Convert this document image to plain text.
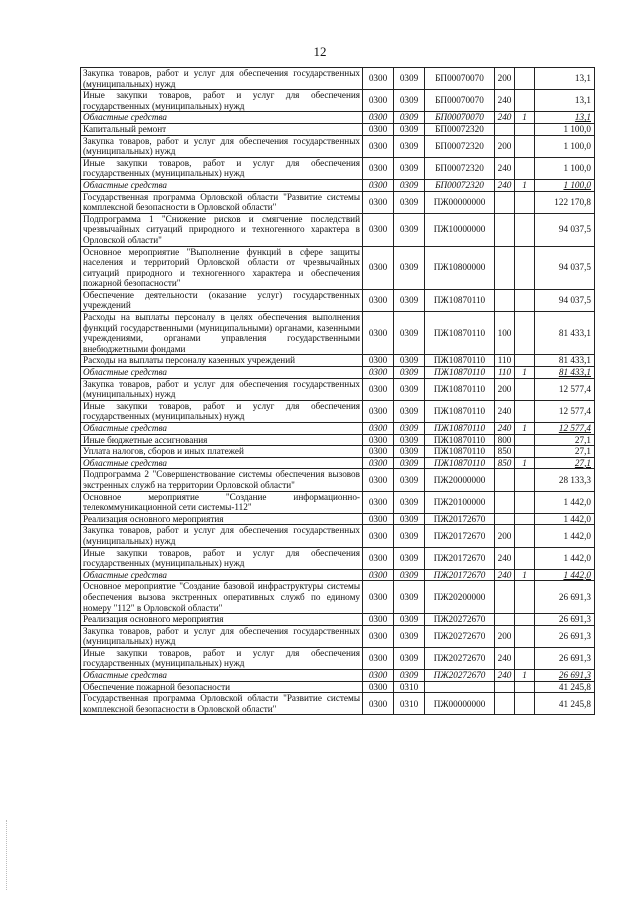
12
Закупка товаров, работ и услуг для обеспечения государственных (муниципальных) нужд	0300	0309	БП00070070	200		13,1
Иные закупки товаров, работ и услуг для обеспечения государственных (муниципальных) нужд	0300	0309	БП00070070	240		13,1
Областные средства	0300	0309	БП00070070	240	1	13,1
Капитальный ремонт	0300	0309	БП00072320			1 100,0
Закупка товаров, работ и услуг для обеспечения государственных (муниципальных) нужд	0300	0309	БП00072320	200		1 100,0
Иные закупки товаров, работ и услуг для обеспечения государственных (муниципальных) нужд	0300	0309	БП00072320	240		1 100,0
Областные средства	0300	0309	БП00072320	240	1	1 100,0
Государственная программа Орловской области "Развитие системы комплексной безопасности в Орловской области"	0300	0309	ПЖ00000000			122 170,8
Подпрограмма 1 "Снижение рисков и смягчение последствий чрезвычайных ситуаций природного и техногенного характера в Орловской области"	0300	0309	ПЖ10000000			94 037,5
Основное мероприятие "Выполнение функций в сфере защиты населения и территорий Орловской области от чрезвычайных ситуаций природного и техногенного характера и обеспечения пожарной безопасности"	0300	0309	ПЖ10800000			94 037,5
Обеспечение деятельности (оказание услуг) государственных учреждений	0300	0309	ПЖ10870110			94 037,5
Расходы на выплаты персоналу в целях обеспечения выполнения функций государственными (муниципальными) органами, казенными учреждениями, органами управления государственными внебюджетными фондами	0300	0309	ПЖ10870110	100		81 433,1
Расходы на выплаты персоналу казенных учреждений	0300	0309	ПЖ10870110	110		81 433,1
Областные средства	0300	0309	ПЖ10870110	110	1	81 433,1
Закупка товаров, работ и услуг для обеспечения государственных (муниципальных) нужд	0300	0309	ПЖ10870110	200		12 577,4
Иные закупки товаров, работ и услуг для обеспечения государственных (муниципальных) нужд	0300	0309	ПЖ10870110	240		12 577,4
Областные средства	0300	0309	ПЖ10870110	240	1	12 577,4
Иные бюджетные ассигнования	0300	0309	ПЖ10870110	800		27,1
Уплата налогов, сборов и иных платежей	0300	0309	ПЖ10870110	850		27,1
Областные средства	0300	0309	ПЖ10870110	850	1	27,1
Подпрограмма 2 "Совершенствование системы обеспечения вызовов экстренных служб на территории Орловской области"	0300	0309	ПЖ20000000			28 133,3
Основное мероприятие "Создание информационно-телекоммуникационной сети системы-112"	0300	0309	ПЖ20100000			1 442,0
Реализация основного мероприятия	0300	0309	ПЖ20172670			1 442,0
Закупка товаров, работ и услуг для обеспечения государственных (муниципальных) нужд	0300	0309	ПЖ20172670	200		1 442,0
Иные закупки товаров, работ и услуг для обеспечения государственных (муниципальных) нужд	0300	0309	ПЖ20172670	240		1 442,0
Областные средства	0300	0309	ПЖ20172670	240	1	1 442,0
Основное мероприятие "Создание базовой инфраструктуры системы обеспечения вызова экстренных оперативных служб по единому номеру "112" в Орловской области"	0300	0309	ПЖ20200000			26 691,3
Реализация основного мероприятия	0300	0309	ПЖ20272670			26 691,3
Закупка товаров, работ и услуг для обеспечения государственных (муниципальных) нужд	0300	0309	ПЖ20272670	200		26 691,3
Иные закупки товаров, работ и услуг для обеспечения государственных (муниципальных) нужд	0300	0309	ПЖ20272670	240		26 691,3
Областные средства	0300	0309	ПЖ20272670	240	1	26 691,3
Обеспечение пожарной безопасности	0300	0310				41 245,8
Государственная программа Орловской области "Развитие системы комплексной безопасности в Орловской области"	0300	0310	ПЖ00000000			41 245,8
